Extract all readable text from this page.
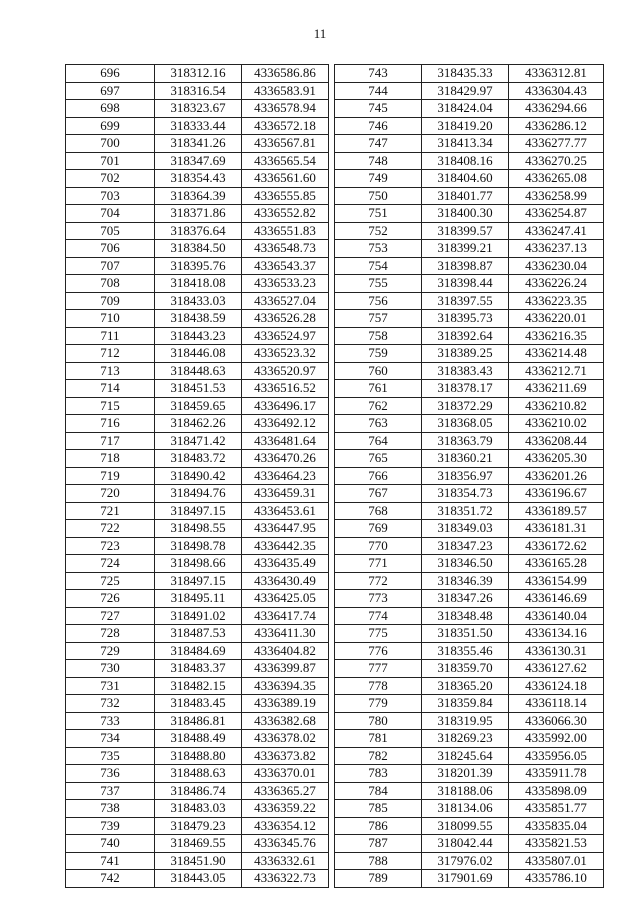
11
696	318312.16	4336586.86
697	318316.54	4336583.91
698	318323.67	4336578.94
699	318333.44	4336572.18
700	318341.26	4336567.81
701	318347.69	4336565.54
702	318354.43	4336561.60
703	318364.39	4336555.85
704	318371.86	4336552.82
705	318376.64	4336551.83
706	318384.50	4336548.73
707	318395.76	4336543.37
708	318418.08	4336533.23
709	318433.03	4336527.04
710	318438.59	4336526.28
711	318443.23	4336524.97
712	318446.08	4336523.32
713	318448.63	4336520.97
714	318451.53	4336516.52
715	318459.65	4336496.17
716	318462.26	4336492.12
717	318471.42	4336481.64
718	318483.72	4336470.26
719	318490.42	4336464.23
720	318494.76	4336459.31
721	318497.15	4336453.61
722	318498.55	4336447.95
723	318498.78	4336442.35
724	318498.66	4336435.49
725	318497.15	4336430.49
726	318495.11	4336425.05
727	318491.02	4336417.74
728	318487.53	4336411.30
729	318484.69	4336404.82
730	318483.37	4336399.87
731	318482.15	4336394.35
732	318483.45	4336389.19
733	318486.81	4336382.68
734	318488.49	4336378.02
735	318488.80	4336373.82
736	318488.63	4336370.01
737	318486.74	4336365.27
738	318483.03	4336359.22
739	318479.23	4336354.12
740	318469.55	4336345.76
741	318451.90	4336332.61
742	318443.05	4336322.73
743	318435.33	4336312.81
744	318429.97	4336304.43
745	318424.04	4336294.66
746	318419.20	4336286.12
747	318413.34	4336277.77
748	318408.16	4336270.25
749	318404.60	4336265.08
750	318401.77	4336258.99
751	318400.30	4336254.87
752	318399.57	4336247.41
753	318399.21	4336237.13
754	318398.87	4336230.04
755	318398.44	4336226.24
756	318397.55	4336223.35
757	318395.73	4336220.01
758	318392.64	4336216.35
759	318389.25	4336214.48
760	318383.43	4336212.71
761	318378.17	4336211.69
762	318372.29	4336210.82
763	318368.05	4336210.02
764	318363.79	4336208.44
765	318360.21	4336205.30
766	318356.97	4336201.26
767	318354.73	4336196.67
768	318351.72	4336189.57
769	318349.03	4336181.31
770	318347.23	4336172.62
771	318346.50	4336165.28
772	318346.39	4336154.99
773	318347.26	4336146.69
774	318348.48	4336140.04
775	318351.50	4336134.16
776	318355.46	4336130.31
777	318359.70	4336127.62
778	318365.20	4336124.18
779	318359.84	4336118.14
780	318319.95	4336066.30
781	318269.23	4335992.00
782	318245.64	4335956.05
783	318201.39	4335911.78
784	318188.06	4335898.09
785	318134.06	4335851.77
786	318099.55	4335835.04
787	318042.44	4335821.53
788	317976.02	4335807.01
789	317901.69	4335786.10
